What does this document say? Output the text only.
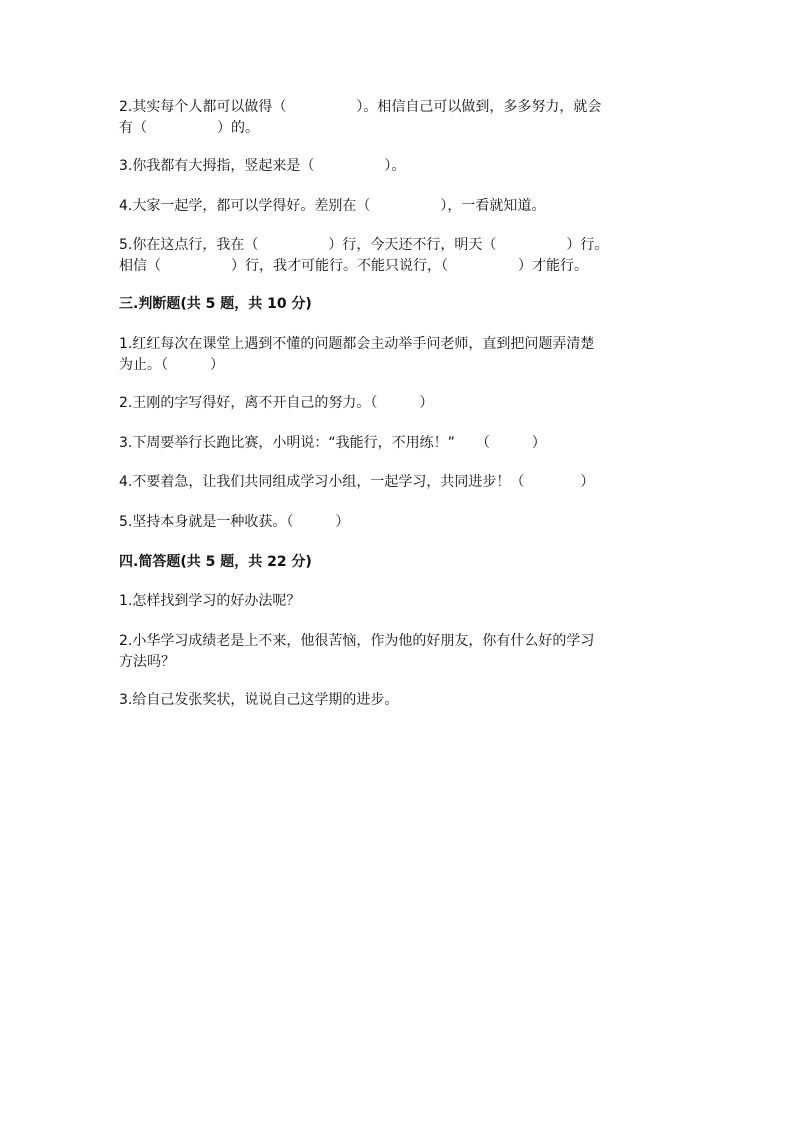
2.其实每个人都可以做得（　　　　　）。相信自己可以做到，多多努力，就会

有（　　　　　）的。

3.你我都有大拇指，竖起来是（　　　　　）。

4.大家一起学，都可以学得好。差别在（　　　　　），一看就知道。

5.你在这点行，我在（　　　　　）行，今天还不行，明天（　　　　　）行。

相信（　　　　　）行，我才可能行。不能只说行，（　　　　　）才能行。

三.判断题(共 5 题，共 10 分)

1.红红每次在课堂上遇到不懂的问题都会主动举手问老师，直到把问题弄清楚

为止。（　　　）

2.王刚的字写得好，离不开自己的努力。（　　　）

3.下周要举行长跑比赛，小明说：“我能行，不用练！”　　（　　　）

4.不要着急，让我们共同组成学习小组，一起学习，共同进步！（　　　　）

5.坚持本身就是一种收获。（　　　）

四.简答题(共 5 题，共 22 分)

1.怎样找到学习的好办法呢？

2.小华学习成绩老是上不来，他很苦恼，作为他的好朋友，你有什么好的学习

方法吗？

3.给自己发张奖状，说说自己这学期的进步。
